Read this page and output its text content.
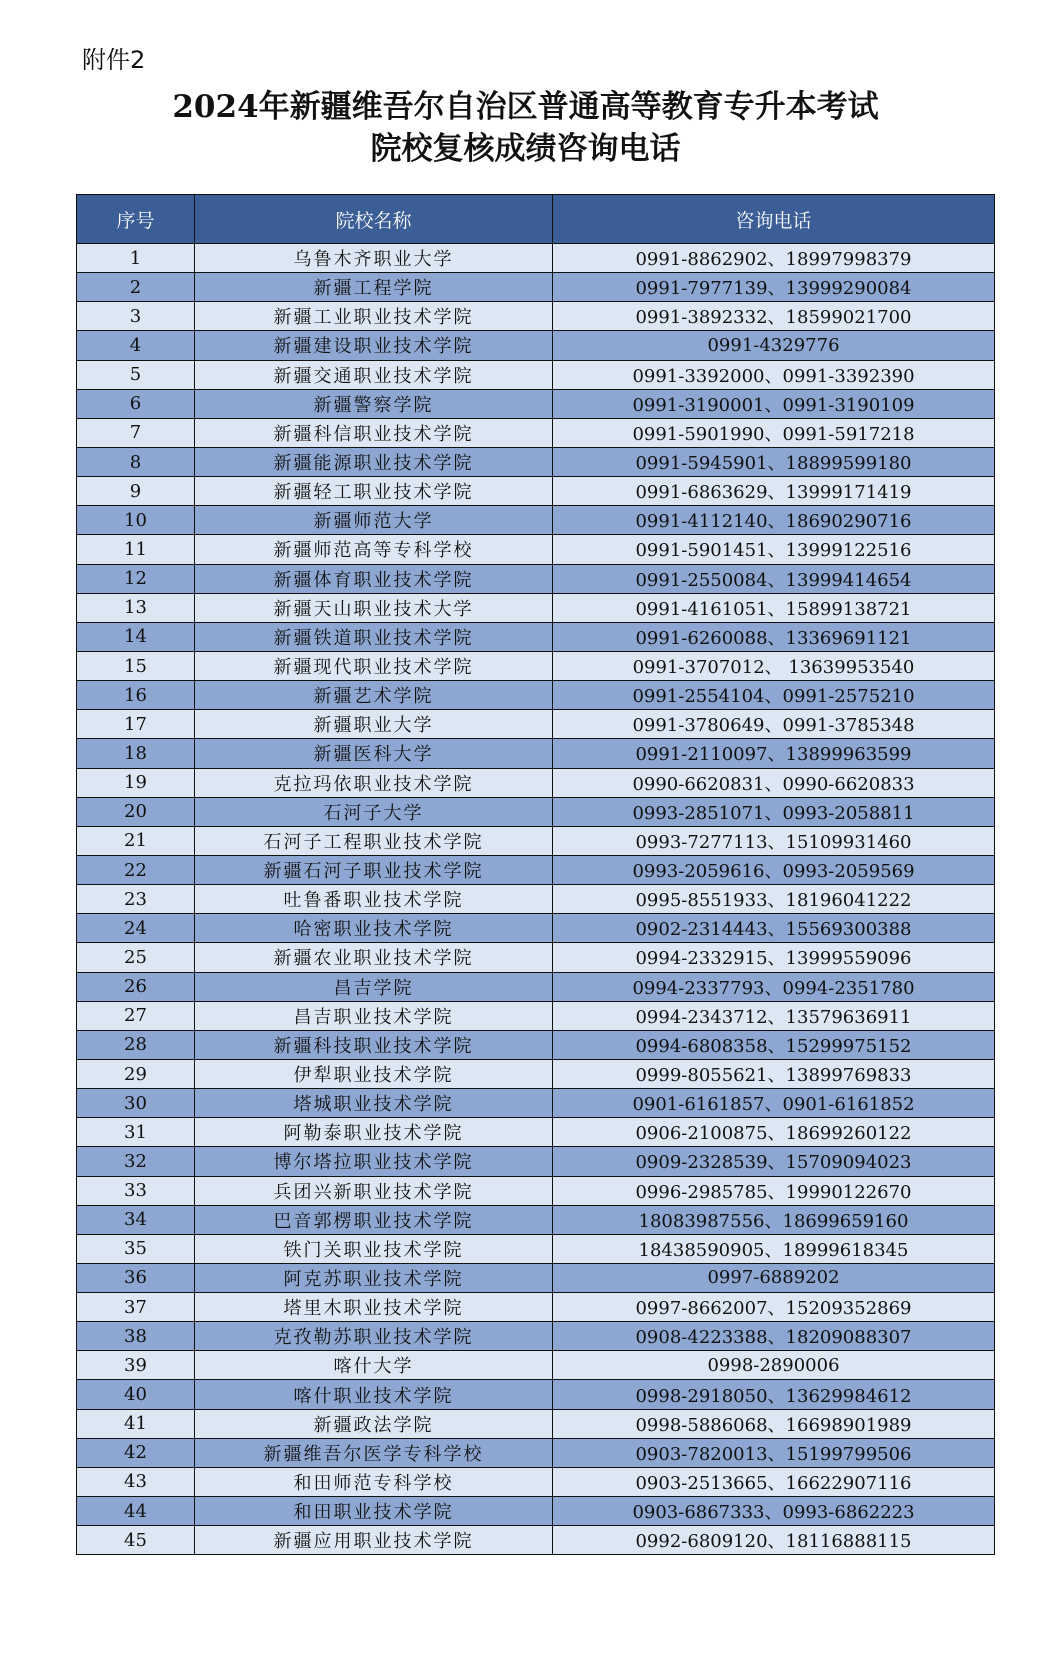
附件2
2024年新疆维吾尔自治区普通高等教育专升本考试
院校复核成绩咨询电话
序号	院校名称	咨询电话
1	乌鲁木齐职业大学	0991-8862902、18997998379
2	新疆工程学院	0991-7977139、13999290084
3	新疆工业职业技术学院	0991-3892332、18599021700
4	新疆建设职业技术学院	0991-4329776
5	新疆交通职业技术学院	0991-3392000、0991-3392390
6	新疆警察学院	0991-3190001、0991-3190109
7	新疆科信职业技术学院	0991-5901990、0991-5917218
8	新疆能源职业技术学院	0991-5945901、18899599180
9	新疆轻工职业技术学院	0991-6863629、13999171419
10	新疆师范大学	0991-4112140、18690290716
11	新疆师范高等专科学校	0991-5901451、13999122516
12	新疆体育职业技术学院	0991-2550084、13999414654
13	新疆天山职业技术大学	0991-4161051、15899138721
14	新疆铁道职业技术学院	0991-6260088、13369691121
15	新疆现代职业技术学院	0991-3707012、 13639953540
16	新疆艺术学院	0991-2554104、0991-2575210
17	新疆职业大学	0991-3780649、0991-3785348
18	新疆医科大学	0991-2110097、13899963599
19	克拉玛依职业技术学院	0990-6620831、0990-6620833
20	石河子大学	0993-2851071、0993-2058811
21	石河子工程职业技术学院	0993-7277113、15109931460
22	新疆石河子职业技术学院	0993-2059616、0993-2059569
23	吐鲁番职业技术学院	0995-8551933、18196041222
24	哈密职业技术学院	0902-2314443、15569300388
25	新疆农业职业技术学院	0994-2332915、13999559096
26	昌吉学院	0994-2337793、0994-2351780
27	昌吉职业技术学院	0994-2343712、13579636911
28	新疆科技职业技术学院	0994-6808358、15299975152
29	伊犁职业技术学院	0999-8055621、13899769833
30	塔城职业技术学院	0901-6161857、0901-6161852
31	阿勒泰职业技术学院	0906-2100875、18699260122
32	博尔塔拉职业技术学院	0909-2328539、15709094023
33	兵团兴新职业技术学院	0996-2985785、19990122670
34	巴音郭楞职业技术学院	18083987556、18699659160
35	铁门关职业技术学院	18438590905、18999618345
36	阿克苏职业技术学院	0997-6889202
37	塔里木职业技术学院	0997-8662007、15209352869
38	克孜勒苏职业技术学院	0908-4223388、18209088307
39	喀什大学	0998-2890006
40	喀什职业技术学院	0998-2918050、13629984612
41	新疆政法学院	0998-5886068、16698901989
42	新疆维吾尔医学专科学校	0903-7820013、15199799506
43	和田师范专科学校	0903-2513665、16622907116
44	和田职业技术学院	0903-6867333、0993-6862223
45	新疆应用职业技术学院	0992-6809120、18116888115
